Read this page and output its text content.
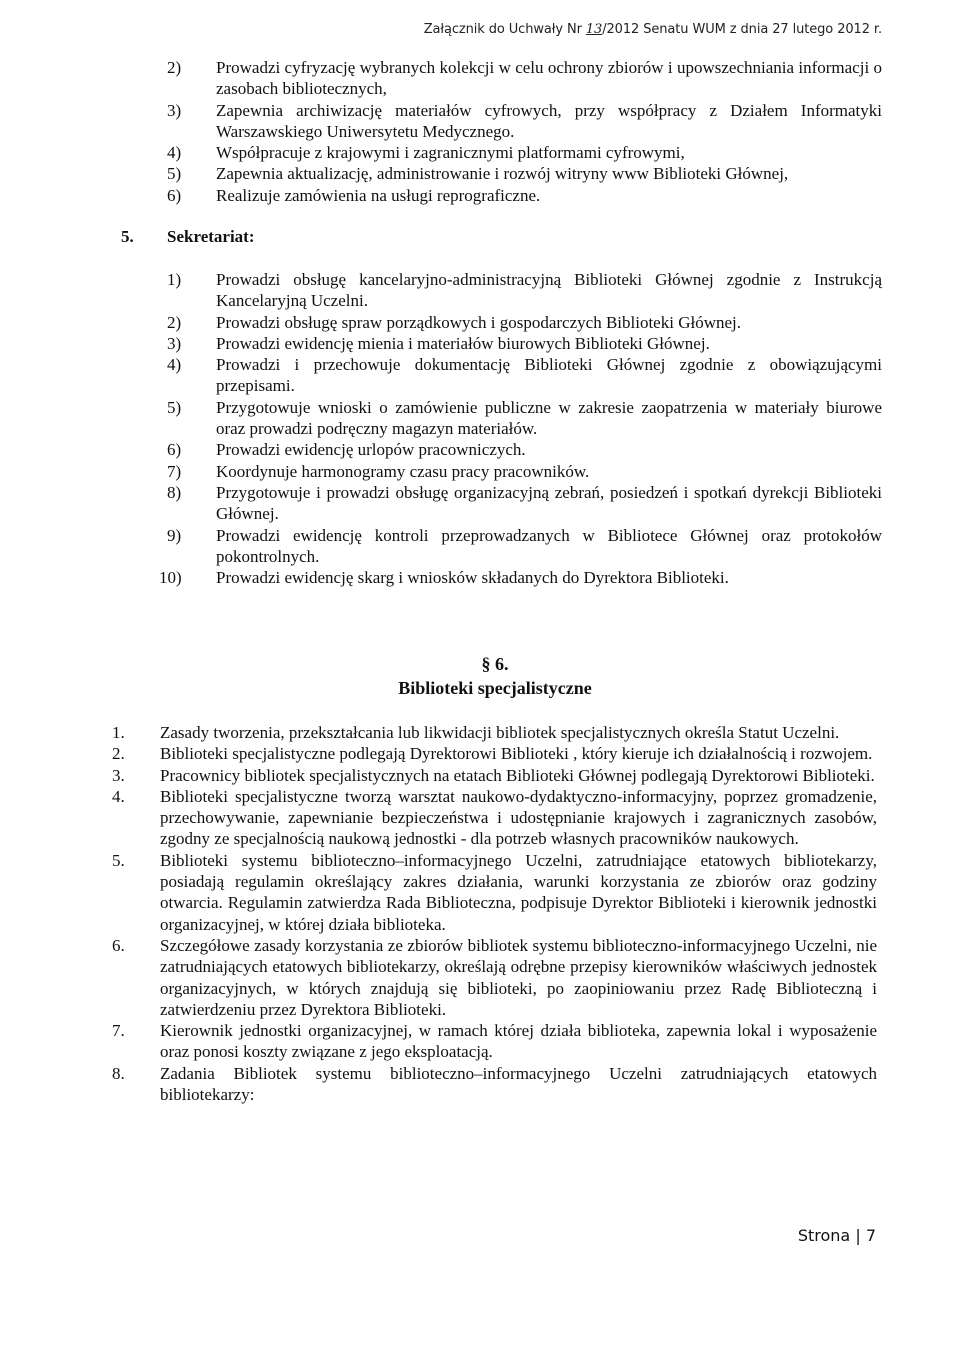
Załącznik do Uchwały Nr 13/2012 Senatu WUM z dnia 27 lutego 2012 r.
2) Prowadzi cyfryzację wybranych kolekcji w celu ochrony zbiorów i upowszechniania informacji o zasobach bibliotecznych,
3) Zapewnia archiwizację materiałów cyfrowych, przy współpracy z Działem Informatyki Warszawskiego Uniwersytetu Medycznego.
4) Współpracuje z krajowymi i zagranicznymi platformami cyfrowymi,
5) Zapewnia aktualizację, administrowanie i rozwój witryny www Biblioteki Głównej,
6) Realizuje zamówienia na usługi reprograficzne.
5. Sekretariat:
1) Prowadzi obsługę kancelaryjno-administracyjną Biblioteki Głównej zgodnie z Instrukcją Kancelaryjną Uczelni.
2) Prowadzi obsługę spraw porządkowych i gospodarczych Biblioteki Głównej.
3) Prowadzi ewidencję mienia i materiałów biurowych Biblioteki Głównej.
4) Prowadzi i przechowuje dokumentację Biblioteki Głównej zgodnie z obowiązującymi przepisami.
5) Przygotowuje wnioski o zamówienie publiczne w zakresie zaopatrzenia w materiały biurowe oraz prowadzi podręczny magazyn materiałów.
6) Prowadzi ewidencję urlopów pracowniczych.
7) Koordynuje harmonogramy czasu pracy pracowników.
8) Przygotowuje i prowadzi obsługę organizacyjną zebrań, posiedzeń i spotkań dyrekcji Biblioteki Głównej.
9) Prowadzi ewidencję kontroli przeprowadzanych w Bibliotece Głównej oraz protokołów pokontrolnych.
10) Prowadzi ewidencję skarg i wniosków składanych do Dyrektora Biblioteki.
§ 6.
Biblioteki specjalistyczne
1. Zasady tworzenia, przekształcania lub likwidacji bibliotek specjalistycznych określa Statut Uczelni.
2. Biblioteki specjalistyczne podlegają Dyrektorowi Biblioteki , który kieruje ich działalnością i rozwojem.
3. Pracownicy bibliotek specjalistycznych na etatach Biblioteki Głównej podlegają Dyrektorowi Biblioteki.
4. Biblioteki specjalistyczne tworzą warsztat naukowo-dydaktyczno-informacyjny, poprzez gromadzenie, przechowywanie, zapewnianie bezpieczeństwa i udostępnianie krajowych i zagranicznych zasobów, zgodny ze specjalnością naukową jednostki - dla potrzeb własnych pracowników naukowych.
5. Biblioteki systemu biblioteczno–informacyjnego Uczelni, zatrudniające etatowych bibliotekarzy, posiadają regulamin określający zakres działania, warunki korzystania ze zbiorów oraz godziny otwarcia. Regulamin zatwierdza Rada Biblioteczna, podpisuje Dyrektor Biblioteki i kierownik jednostki organizacyjnej, w której działa biblioteka.
6. Szczegółowe zasady korzystania ze zbiorów bibliotek systemu biblioteczno-informacyjnego Uczelni, nie zatrudniających etatowych bibliotekarzy, określają odrębne przepisy kierowników właściwych jednostek organizacyjnych, w których znajdują się biblioteki, po zaopiniowaniu przez Radę Biblioteczną i zatwierdzeniu przez Dyrektora Biblioteki.
7. Kierownik jednostki organizacyjnej, w ramach której działa biblioteka, zapewnia lokal i wyposażenie oraz ponosi koszty związane z jego eksploatacją.
8. Zadania Bibliotek systemu biblioteczno–informacyjnego Uczelni zatrudniających etatowych bibliotekarzy:
Strona | 7
